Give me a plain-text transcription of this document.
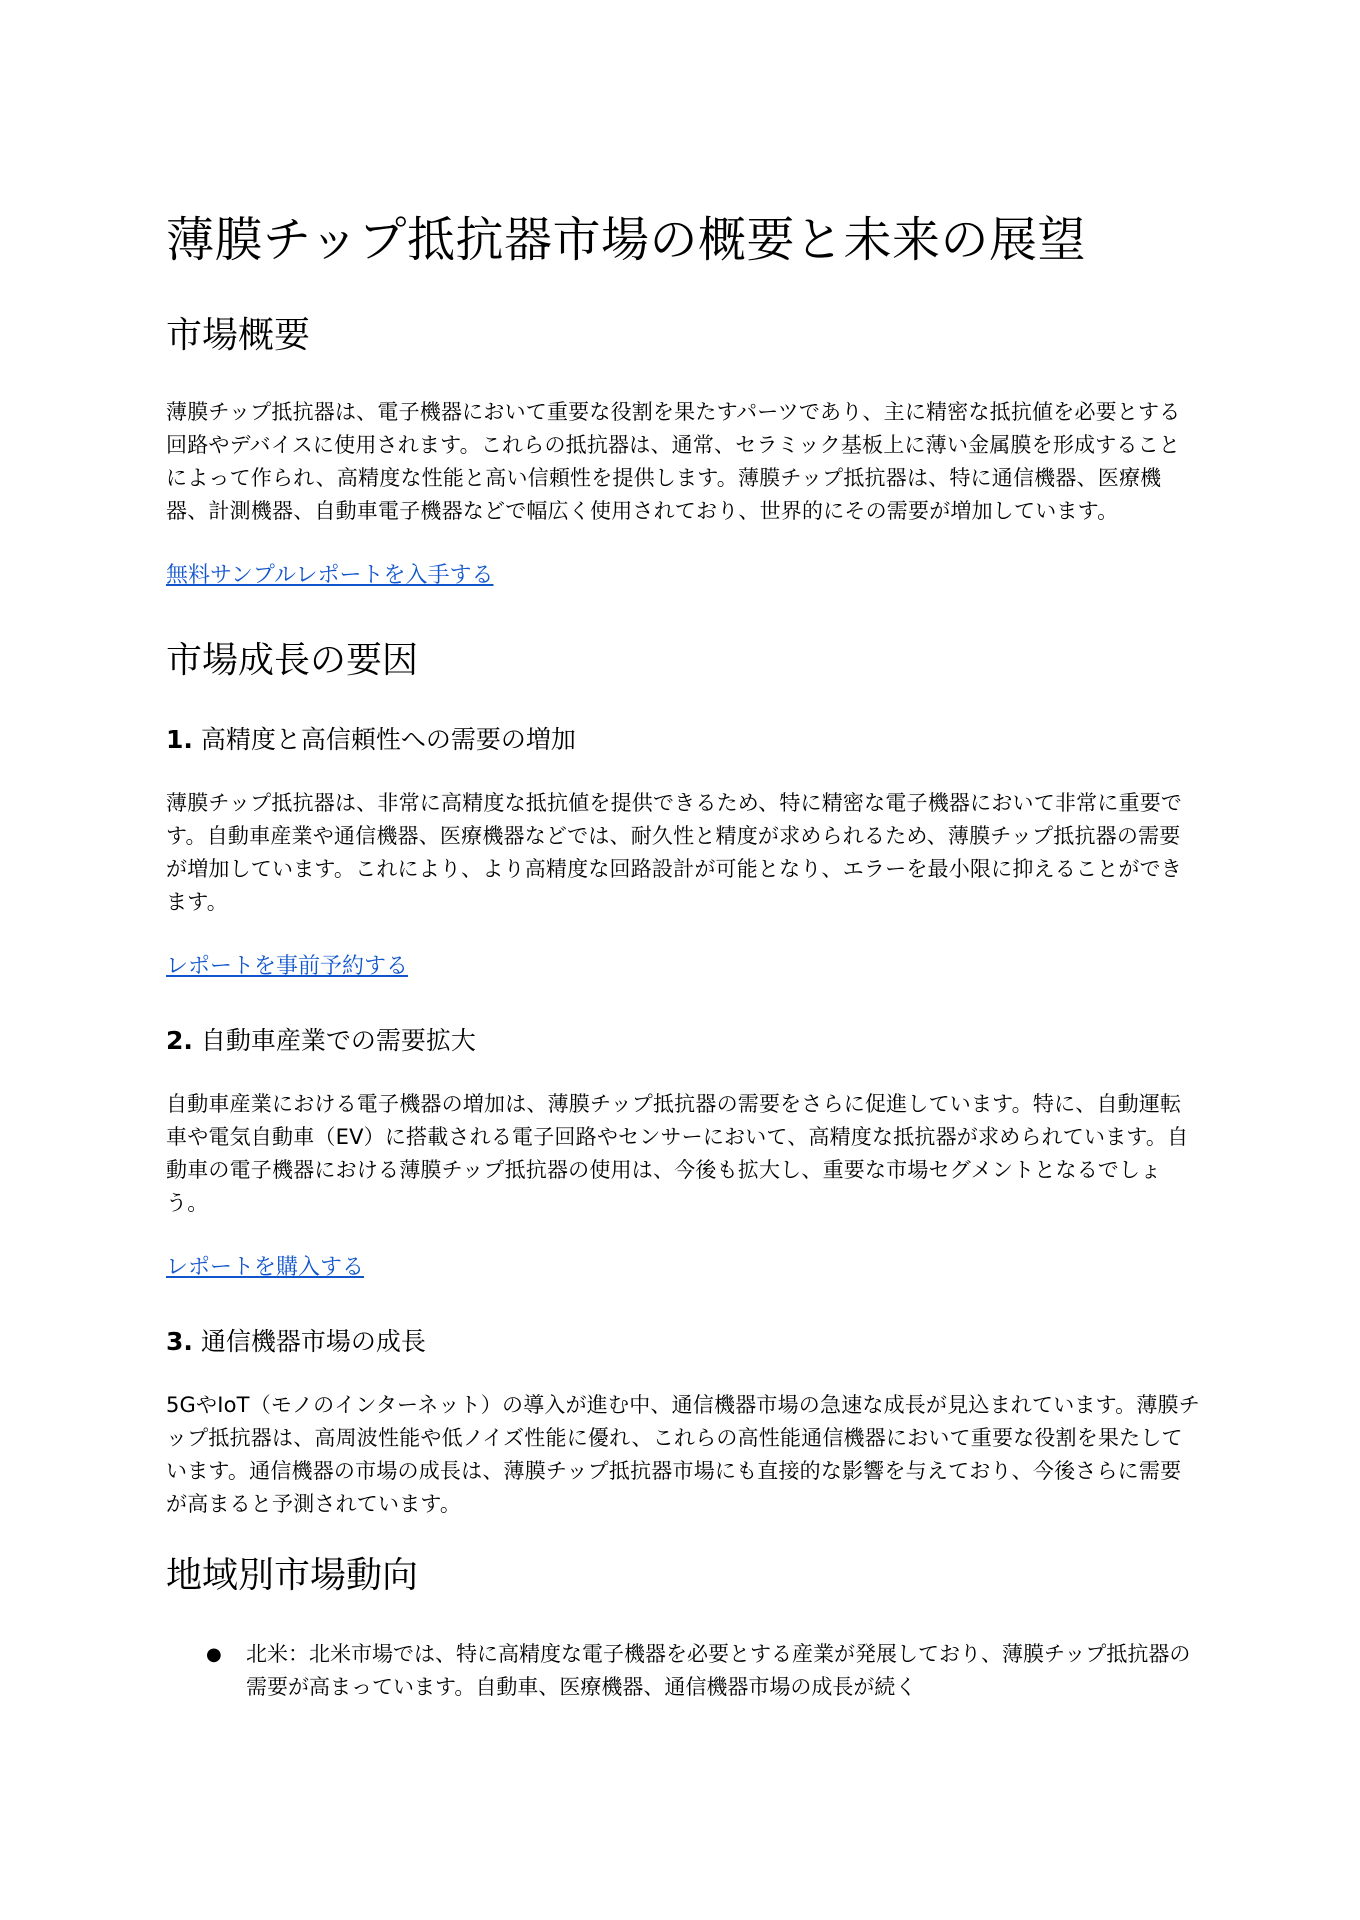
薄膜チップ抵抗器市場の概要と未来の展望
市場概要

薄膜チップ抵抗器は、電子機器において重要な役割を果たすパーツであり、主に精密な抵抗値を必要とする回路やデバイスに使用されます。これらの抵抗器は、通常、セラミック基板上に薄い金属膜を形成することによって作られ、高精度な性能と高い信頼性を提供します。薄膜チップ抵抗器は、特に通信機器、医療機器、計測機器、自動車電子機器などで幅広く使用されており、世界的にその需要が増加しています。

無料サンプルレポートを入手する
市場成長の要因
1. 高精度と高信頼性への需要の増加

薄膜チップ抵抗器は、非常に高精度な抵抗値を提供できるため、特に精密な電子機器において非常に重要です。自動車産業や通信機器、医療機器などでは、耐久性と精度が求められるため、薄膜チップ抵抗器の需要が増加しています。これにより、より高精度な回路設計が可能となり、エラーを最小限に抑えることができます。

レポートを事前予約する
2. 自動車産業での需要拡大

自動車産業における電子機器の増加は、薄膜チップ抵抗器の需要をさらに促進しています。特に、自動運転車や電気自動車（EV）に搭載される電子回路やセンサーにおいて、高精度な抵抗器が求められています。自動車の電子機器における薄膜チップ抵抗器の使用は、今後も拡大し、重要な市場セグメントとなるでしょう。

レポートを購入する
3. 通信機器市場の成長

5GやIoT（モノのインターネット）の導入が進む中、通信機器市場の急速な成長が見込まれています。薄膜チップ抵抗器は、高周波性能や低ノイズ性能に優れ、これらの高性能通信機器において重要な役割を果たしています。通信機器の市場の成長は、薄膜チップ抵抗器市場にも直接的な影響を与えており、今後さらに需要が高まると予測されています。

地域別市場動向
● 北米：北米市場では、特に高精度な電子機器を必要とする産業が発展しており、薄膜チップ抵抗器の需要が高まっています。自動車、医療機器、通信機器市場の成長が続く
